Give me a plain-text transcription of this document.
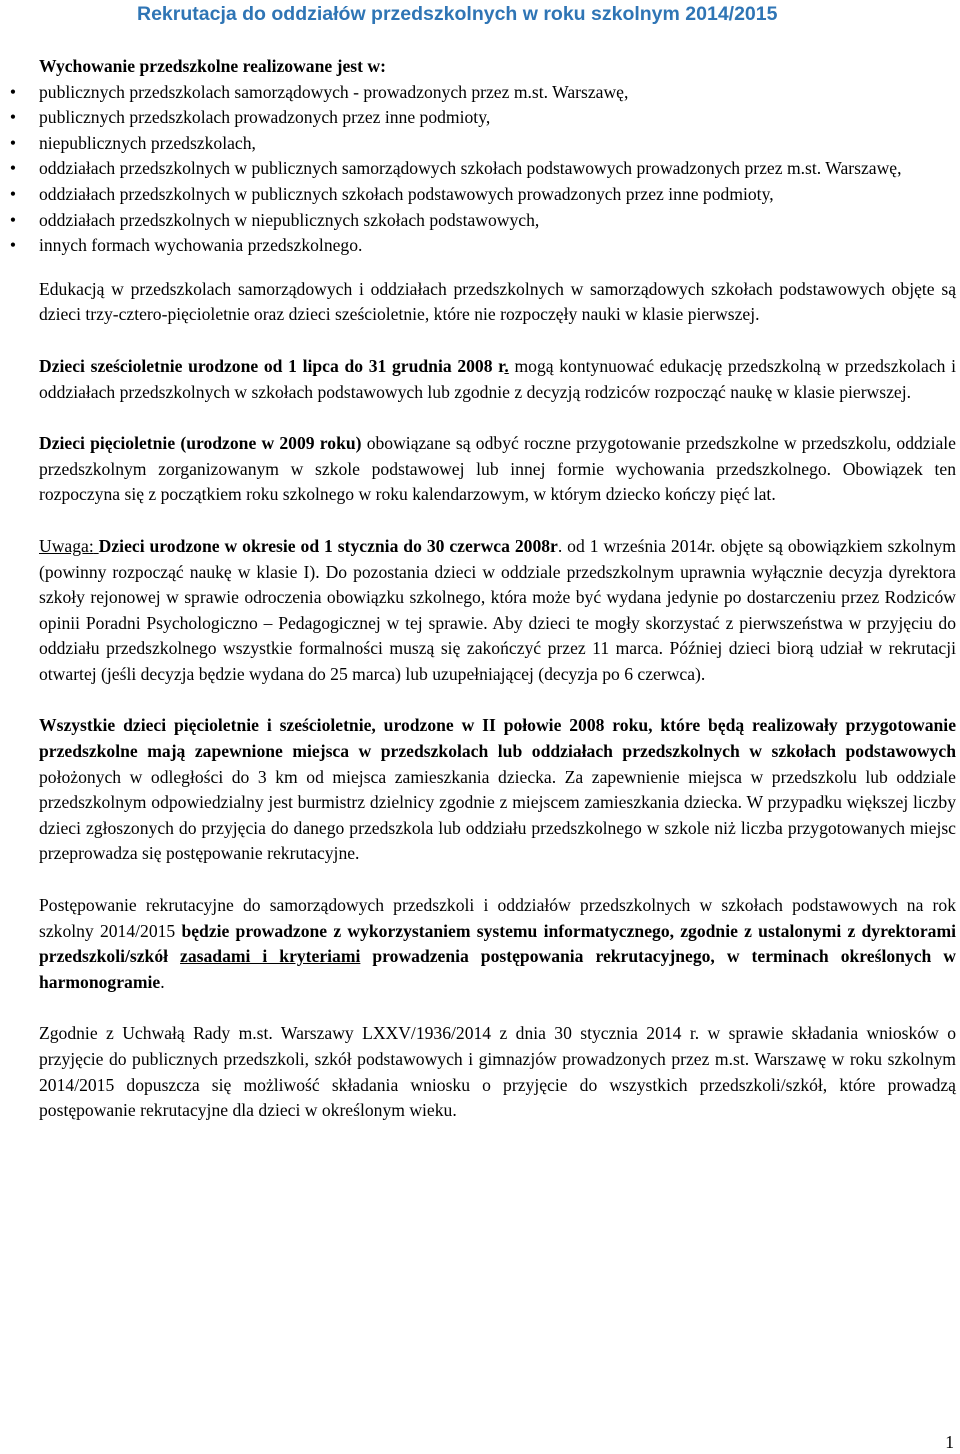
Rekrutacja do oddziałów przedszkolnych w roku szkolnym 2014/2015
Wychowanie przedszkolne realizowane jest w:
• publicznych przedszkolach samorządowych - prowadzonych przez m.st. Warszawę,
• publicznych przedszkolach prowadzonych przez inne podmioty,
• niepublicznych przedszkolach,
• oddziałach przedszkolnych w publicznych samorządowych szkołach podstawowych prowadzonych przez m.st. Warszawę,
• oddziałach przedszkolnych w publicznych szkołach podstawowych prowadzonych przez inne podmioty,
• oddziałach przedszkolnych w niepublicznych szkołach podstawowych,
• innych formach wychowania przedszkolnego.

Edukacją w przedszkolach samorządowych i oddziałach przedszkolnych w samorządowych szkołach podstawowych objęte są dzieci trzy-cztero-pięcioletnie oraz dzieci sześcioletnie, które nie rozpoczęły nauki w klasie pierwszej.

Dzieci sześcioletnie urodzone od 1 lipca do 31 grudnia 2008 r. mogą kontynuować edukację przedszkolną w przedszkolach i oddziałach przedszkolnych w szkołach podstawowych lub zgodnie z decyzją rodziców rozpocząć naukę w klasie pierwszej.

Dzieci pięcioletnie (urodzone w 2009 roku) obowiązane są odbyć roczne przygotowanie przedszkolne w przedszkolu, oddziale przedszkolnym zorganizowanym w szkole podstawowej lub innej formie wychowania przedszkolnego. Obowiązek ten rozpoczyna się z początkiem roku szkolnego w roku kalendarzowym, w którym dziecko kończy pięć lat.

Uwaga: Dzieci urodzone w okresie od 1 stycznia do 30 czerwca 2008r. od 1 września 2014r. objęte są obowiązkiem szkolnym (powinny rozpocząć naukę w klasie I). Do pozostania dzieci w oddziale przedszkolnym uprawnia wyłącznie decyzja dyrektora szkoły rejonowej w sprawie odroczenia obowiązku szkolnego, która może być wydana jedynie po dostarczeniu przez Rodziców opinii Poradni Psychologiczno – Pedagogicznej w tej sprawie. Aby dzieci te mogły skorzystać z pierwszeństwa w przyjęciu do oddziału przedszkolnego wszystkie formalności muszą się zakończyć przez 11 marca. Później dzieci biorą udział w rekrutacji otwartej (jeśli decyzja będzie wydana do 25 marca) lub uzupełniającej (decyzja po 6 czerwca).

Wszystkie dzieci pięcioletnie i sześcioletnie, urodzone w II połowie 2008 roku, które będą realizowały przygotowanie przedszkolne mają zapewnione miejsca w przedszkolach lub oddziałach przedszkolnych w szkołach podstawowych położonych w odległości do 3 km od miejsca zamieszkania dziecka. Za zapewnienie miejsca w przedszkolu lub oddziale przedszkolnym odpowiedzialny jest burmistrz dzielnicy zgodnie z miejscem zamieszkania dziecka. W przypadku większej liczby dzieci zgłoszonych do przyjęcia do danego przedszkola lub oddziału przedszkolnego w szkole niż liczba przygotowanych miejsc przeprowadza się postępowanie rekrutacyjne.

Postępowanie rekrutacyjne do samorządowych przedszkoli i oddziałów przedszkolnych w szkołach podstawowych na rok szkolny 2014/2015 będzie prowadzone z wykorzystaniem systemu informatycznego, zgodnie z ustalonymi z dyrektorami przedszkoli/szkół zasadami i kryteriami prowadzenia postępowania rekrutacyjnego, w terminach określonych w harmonogramie.

Zgodnie z Uchwałą Rady m.st. Warszawy LXXV/1936/2014 z dnia 30 stycznia 2014 r. w sprawie składania wniosków o przyjęcie do publicznych przedszkoli, szkół podstawowych i gimnazjów prowadzonych przez m.st. Warszawę w roku szkolnym 2014/2015 dopuszcza się możliwość składania wniosku o przyjęcie do wszystkich przedszkoli/szkół, które prowadzą postępowanie rekrutacyjne dla dzieci w określonym wieku.

1
